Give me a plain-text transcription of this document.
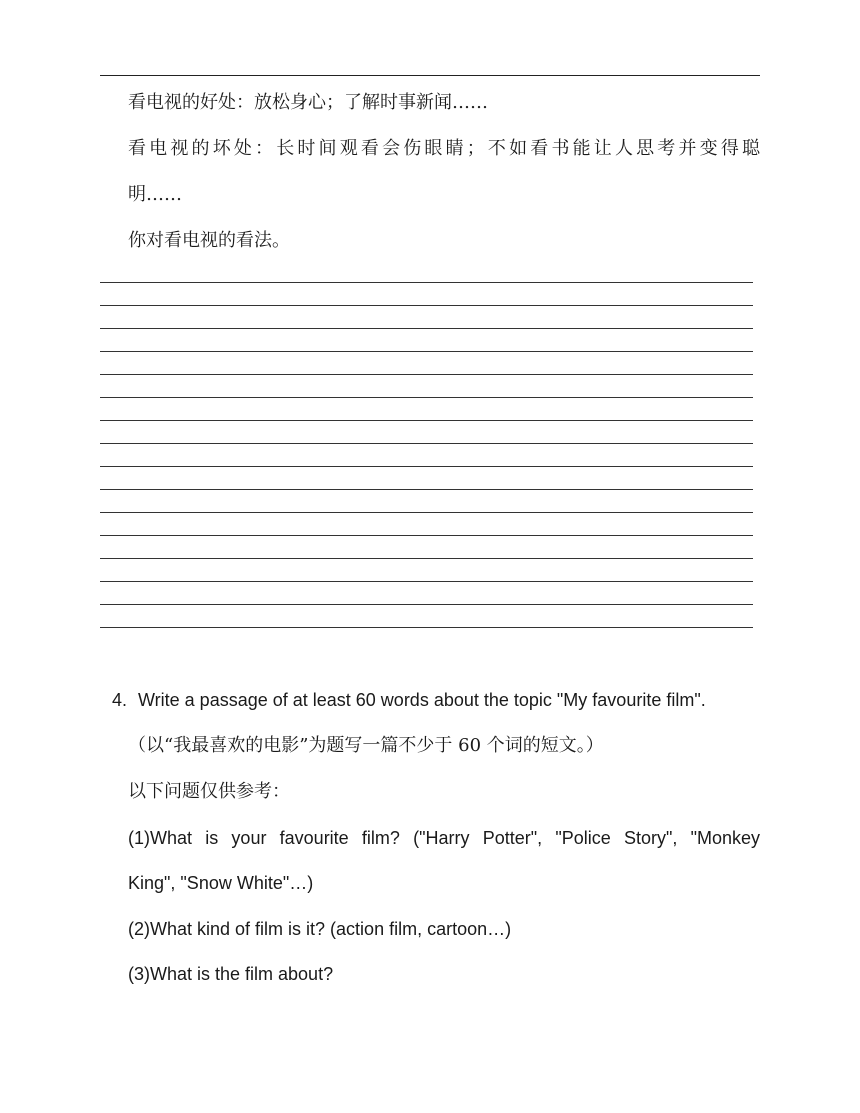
看电视的好处：放松身心；了解时事新闻……
看电视的坏处：长时间观看会伤眼睛；不如看书能让人思考并变得聪
明……
你对看电视的看法。
4. Write a passage of at least 60 words about the topic "My favourite film".
（以“我最喜欢的电影”为题写一篇不少于 60 个词的短文。）
以下问题仅供参考：
(1)What is your favourite film? ("Harry Potter", "Police Story", "Monkey
King", "Snow White"…)
(2)What kind of film is it? (action film, cartoon…)
(3)What is the film about?
